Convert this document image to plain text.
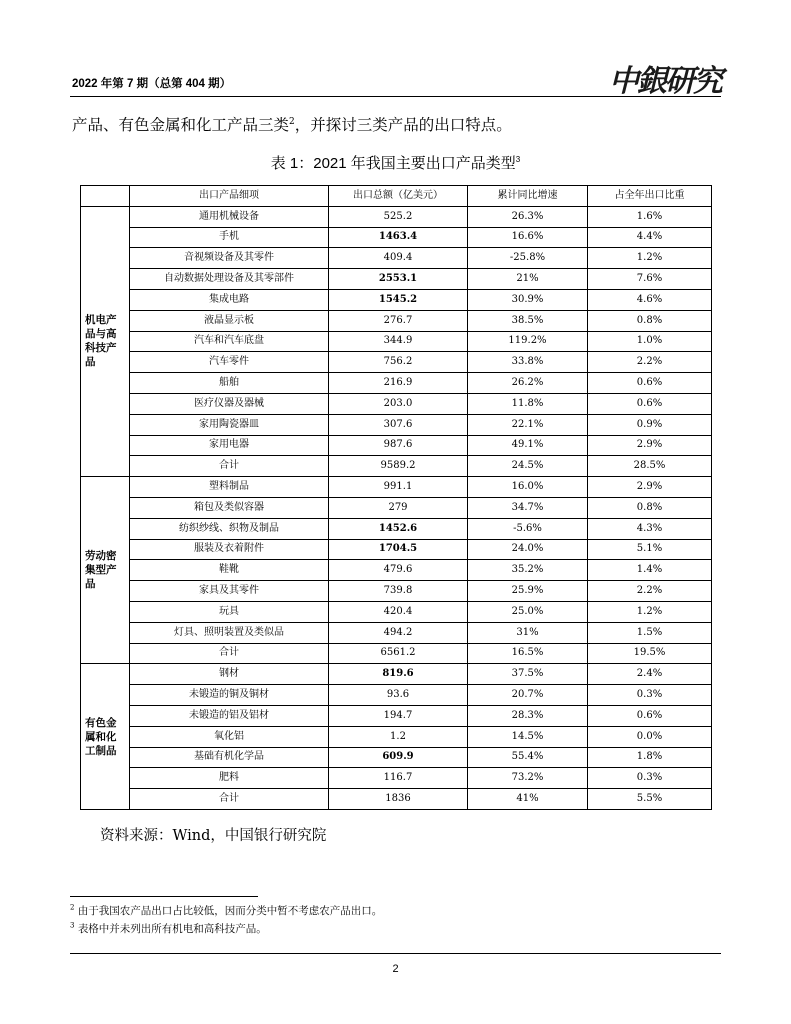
2022 年第 7 期（总第 404 期）	中銀研究
产品、有色金属和化工产品三类$^2$，并探讨三类产品的出口特点。
表 1：2021 年我国主要出口产品类型$^3$
	出口产品细项	出口总额（亿美元）	累计同比增速	占全年出口比重
机电产品与高科技产品	通用机械设备	525.2	26.3%	1.6%
	手机	1463.4	16.6%	4.4%
	音视频设备及其零件	409.4	-25.8%	1.2%
	自动数据处理设备及其零部件	2553.1	21%	7.6%
	集成电路	1545.2	30.9%	4.6%
	液晶显示板	276.7	38.5%	0.8%
	汽车和汽车底盘	344.9	119.2%	1.0%
	汽车零件	756.2	33.8%	2.2%
	船舶	216.9	26.2%	0.6%
	医疗仪器及器械	203.0	11.8%	0.6%
	家用陶瓷器皿	307.6	22.1%	0.9%
	家用电器	987.6	49.1%	2.9%
	合计	9589.2	24.5%	28.5%
劳动密集型产品	塑料制品	991.1	16.0%	2.9%
	箱包及类似容器	279	34.7%	0.8%
	纺织纱线、织物及制品	1452.6	-5.6%	4.3%
	服装及衣着附件	1704.5	24.0%	5.1%
	鞋靴	479.6	35.2%	1.4%
	家具及其零件	739.8	25.9%	2.2%
	玩具	420.4	25.0%	1.2%
	灯具、照明装置及类似品	494.2	31%	1.5%
	合计	6561.2	16.5%	19.5%
有色金属和化工制品	钢材	819.6	37.5%	2.4%
	未锻造的铜及铜材	93.6	20.7%	0.3%
	未锻造的铝及铝材	194.7	28.3%	0.6%
	氧化铝	1.2	14.5%	0.0%
	基础有机化学品	609.9	55.4%	1.8%
	肥料	116.7	73.2%	0.3%
	合计	1836	41%	5.5%
资料来源：Wind，中国银行研究院
$^2$ 由于我国农产品出口占比较低，因而分类中暂不考虑农产品出口。
$^3$ 表格中并未列出所有机电和高科技产品。
2
